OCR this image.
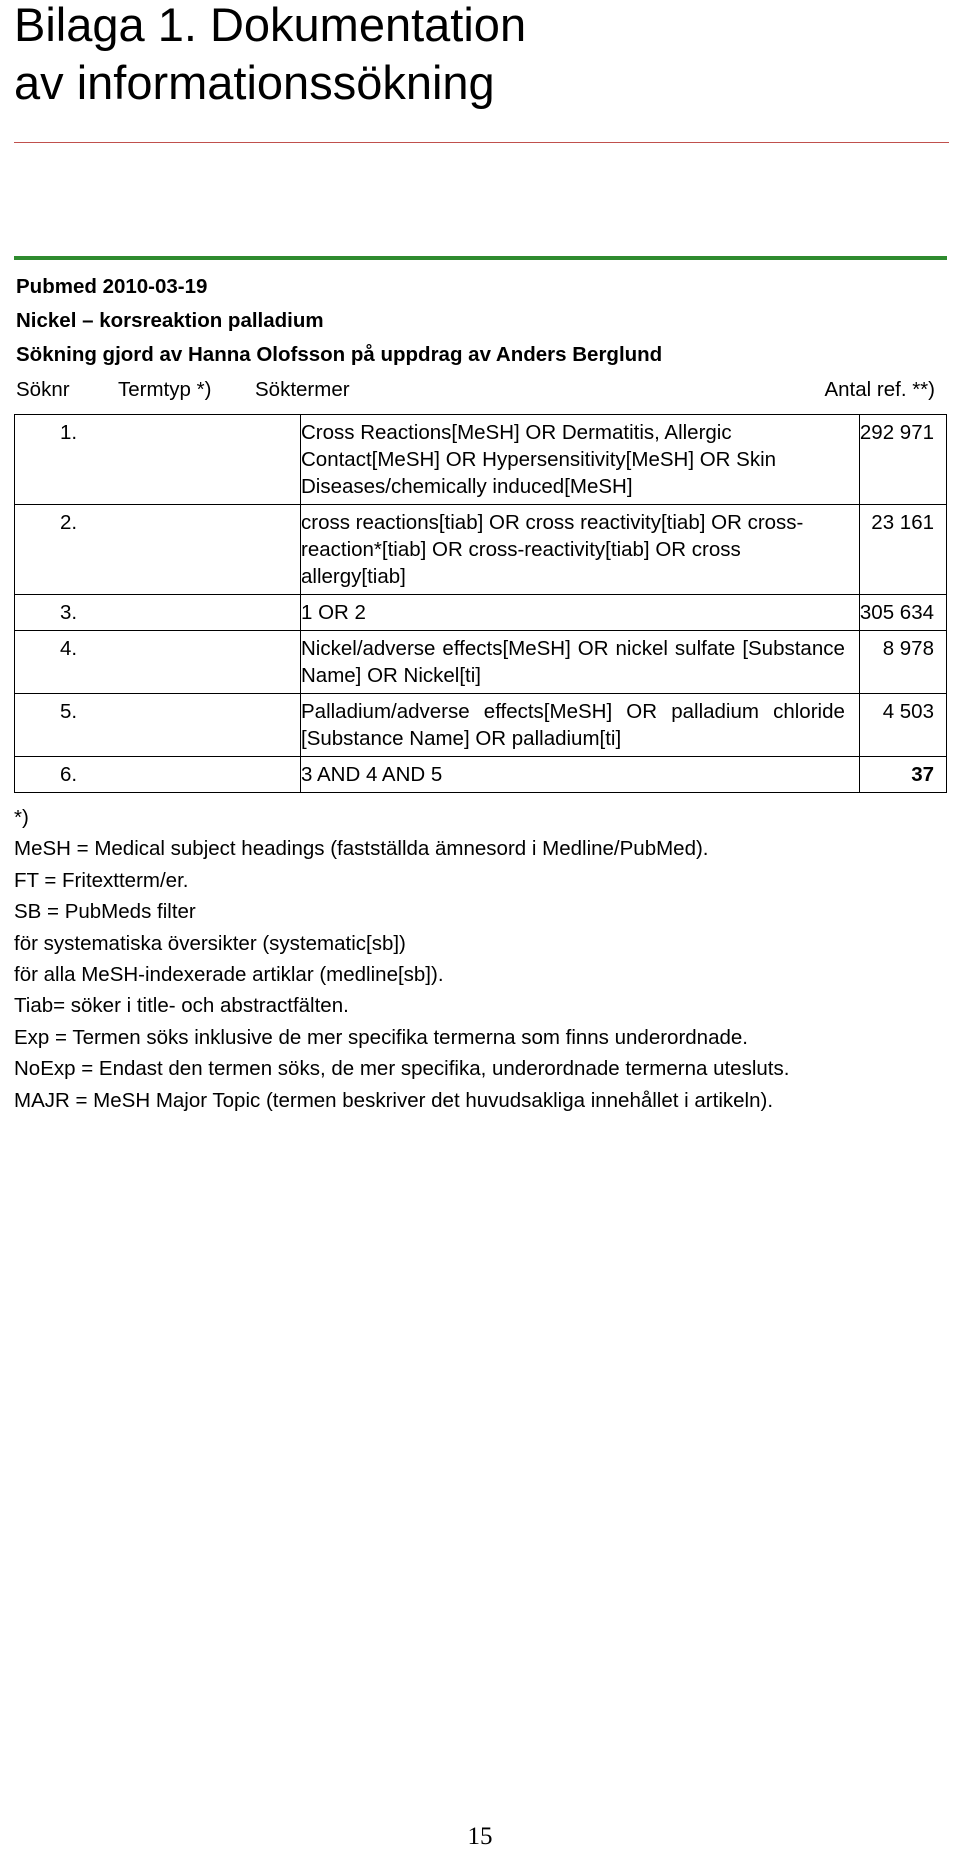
Bilaga 1. Dokumentation
av informationssökning
Pubmed 2010-03-19
Nickel – korsreaktion palladium
Sökning gjord av Hanna Olofsson på uppdrag av Anders Berglund
Söknr Termtyp *) Söktermer	Antal ref. **)
1.	Cross Reactions[MeSH] OR Dermatitis, Allergic Contact[MeSH] OR Hypersensitivity[MeSH] OR Skin Diseases/chemically induced[MeSH]	292 971
2.	cross reactions[tiab] OR cross reactivity[tiab] OR cross-reaction*[tiab] OR cross-reactivity[tiab] OR cross allergy[tiab]	23 161
3.	1 OR 2	305 634
4.	Nickel/adverse effects[MeSH] OR nickel sulfate [Substance Name] OR Nickel[ti]	8 978
5.	Palladium/adverse effects[MeSH] OR palladium chloride [Substance Name] OR palladium[ti]	4 503
6.	3 AND 4 AND 5	37
*)
MeSH = Medical subject headings (fastställda ämnesord i Medline/PubMed).
FT = Fritextterm/er.
SB = PubMeds filter
för systematiska översikter (systematic[sb])
för alla MeSH-indexerade artiklar (medline[sb]).
Tiab= söker i title- och abstractfälten.
Exp = Termen söks inklusive de mer specifika termerna som finns underordnade.
NoExp = Endast den termen söks, de mer specifika, underordnade termerna utesluts.
MAJR = MeSH Major Topic (termen beskriver det huvudsakliga innehållet i artikeln).
15
